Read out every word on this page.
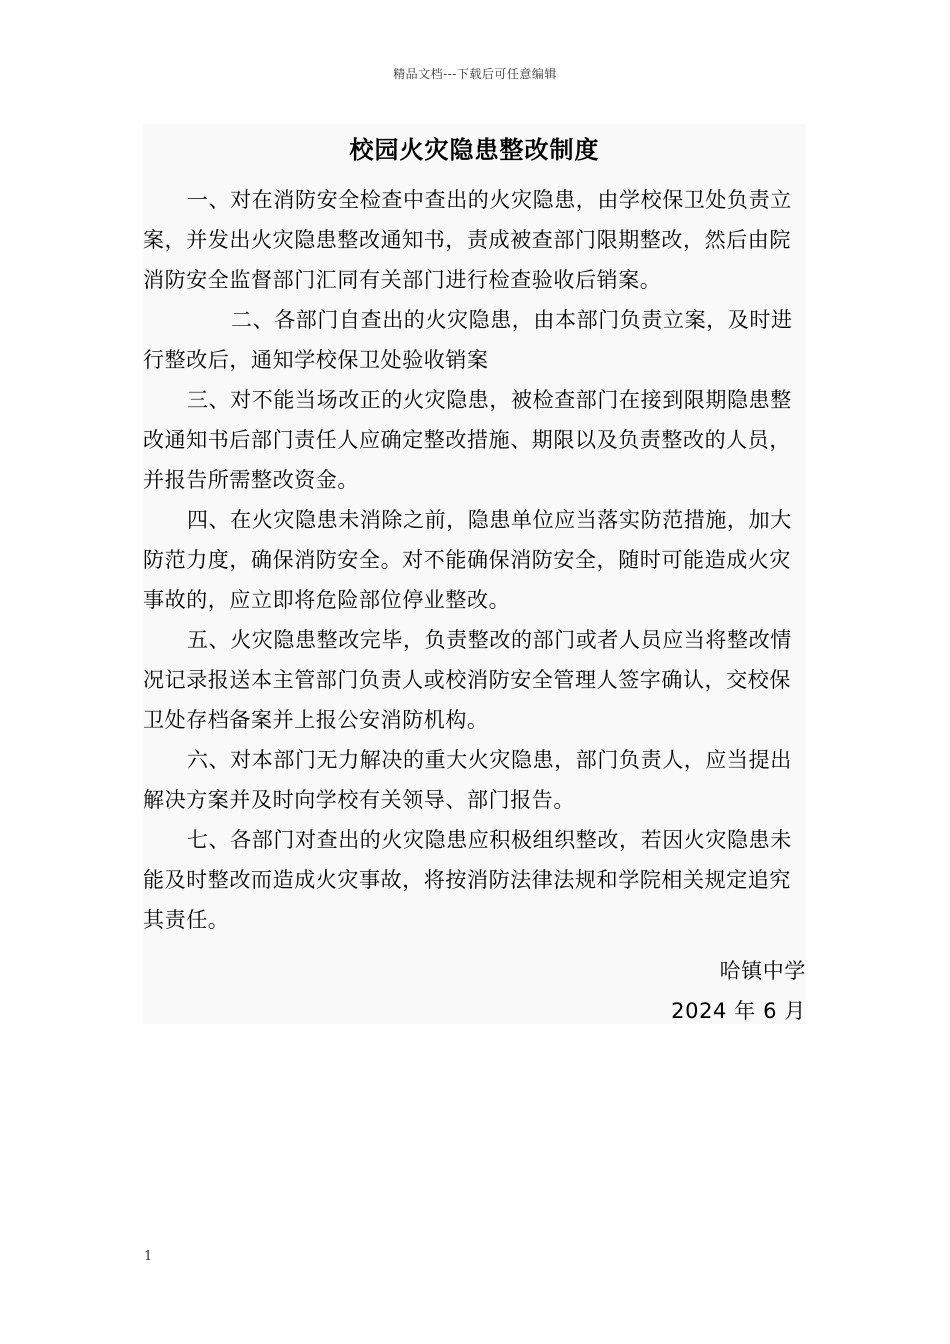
精品文档---下载后可任意编辑
校园火灾隐患整改制度

一、对在消防安全检查中查出的火灾隐患，由学校保卫处负责立案，并发出火灾隐患整改通知书，责成被查部门限期整改，然后由院消防安全监督部门汇同有关部门进行检查验收后销案。

二、各部门自查出的火灾隐患，由本部门负责立案，及时进行整改后，通知学校保卫处验收销案

三、对不能当场改正的火灾隐患，被检查部门在接到限期隐患整改通知书后部门责任人应确定整改措施、期限以及负责整改的人员，并报告所需整改资金。

四、在火灾隐患未消除之前，隐患单位应当落实防范措施，加大防范力度，确保消防安全。对不能确保消防安全，随时可能造成火灾事故的，应立即将危险部位停业整改。

五、火灾隐患整改完毕，负责整改的部门或者人员应当将整改情况记录报送本主管部门负责人或校消防安全管理人签字确认，交校保卫处存档备案并上报公安消防机构。

六、对本部门无力解决的重大火灾隐患，部门负责人，应当提出解决方案并及时向学校有关领导、部门报告。

七、各部门对查出的火灾隐患应积极组织整改，若因火灾隐患未能及时整改而造成火灾事故，将按消防法律法规和学院相关规定追究其责任。

哈镇中学
2024 年 6 月
1
